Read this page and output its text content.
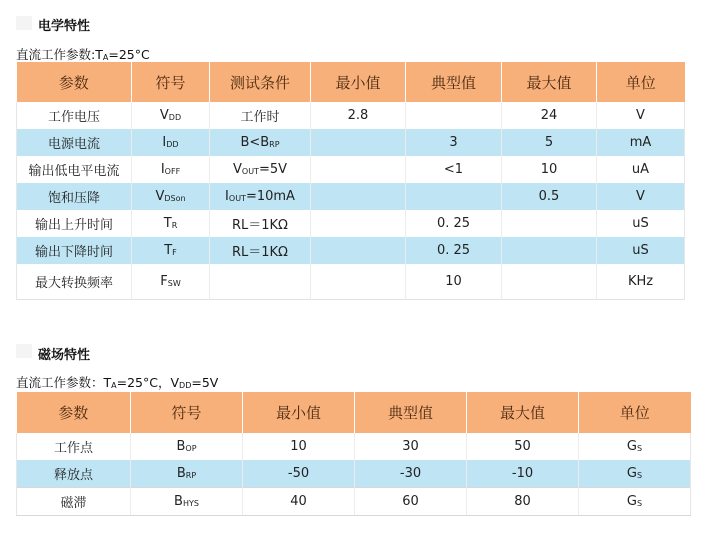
电学特性
直流工作参数:TA=25°C
参数	符号	测试条件	最小值	典型值	最大值	单位
工作电压	VDD	工作时	2.8		24	V
电源电流	IDD	B<BRP		3	5	mA
输出低电平电流	IOFF	VOUT=5V		<1	10	uA
饱和压降	VDSon	IOUT=10mA			0.5	V
输出上升时间	TR	RL＝1KΩ		0. 25		uS
输出下降时间	TF	RL＝1KΩ		0. 25		uS
最大转换频率	FSW			10		KHz
磁场特性
直流工作参数：TA=25°C，VDD=5V
参数	符号	最小值	典型值	最大值	单位
工作点	BOP	10	30	50	GS
释放点	BRP	-50	-30	-10	GS
磁滞	BHYS	40	60	80	GS
